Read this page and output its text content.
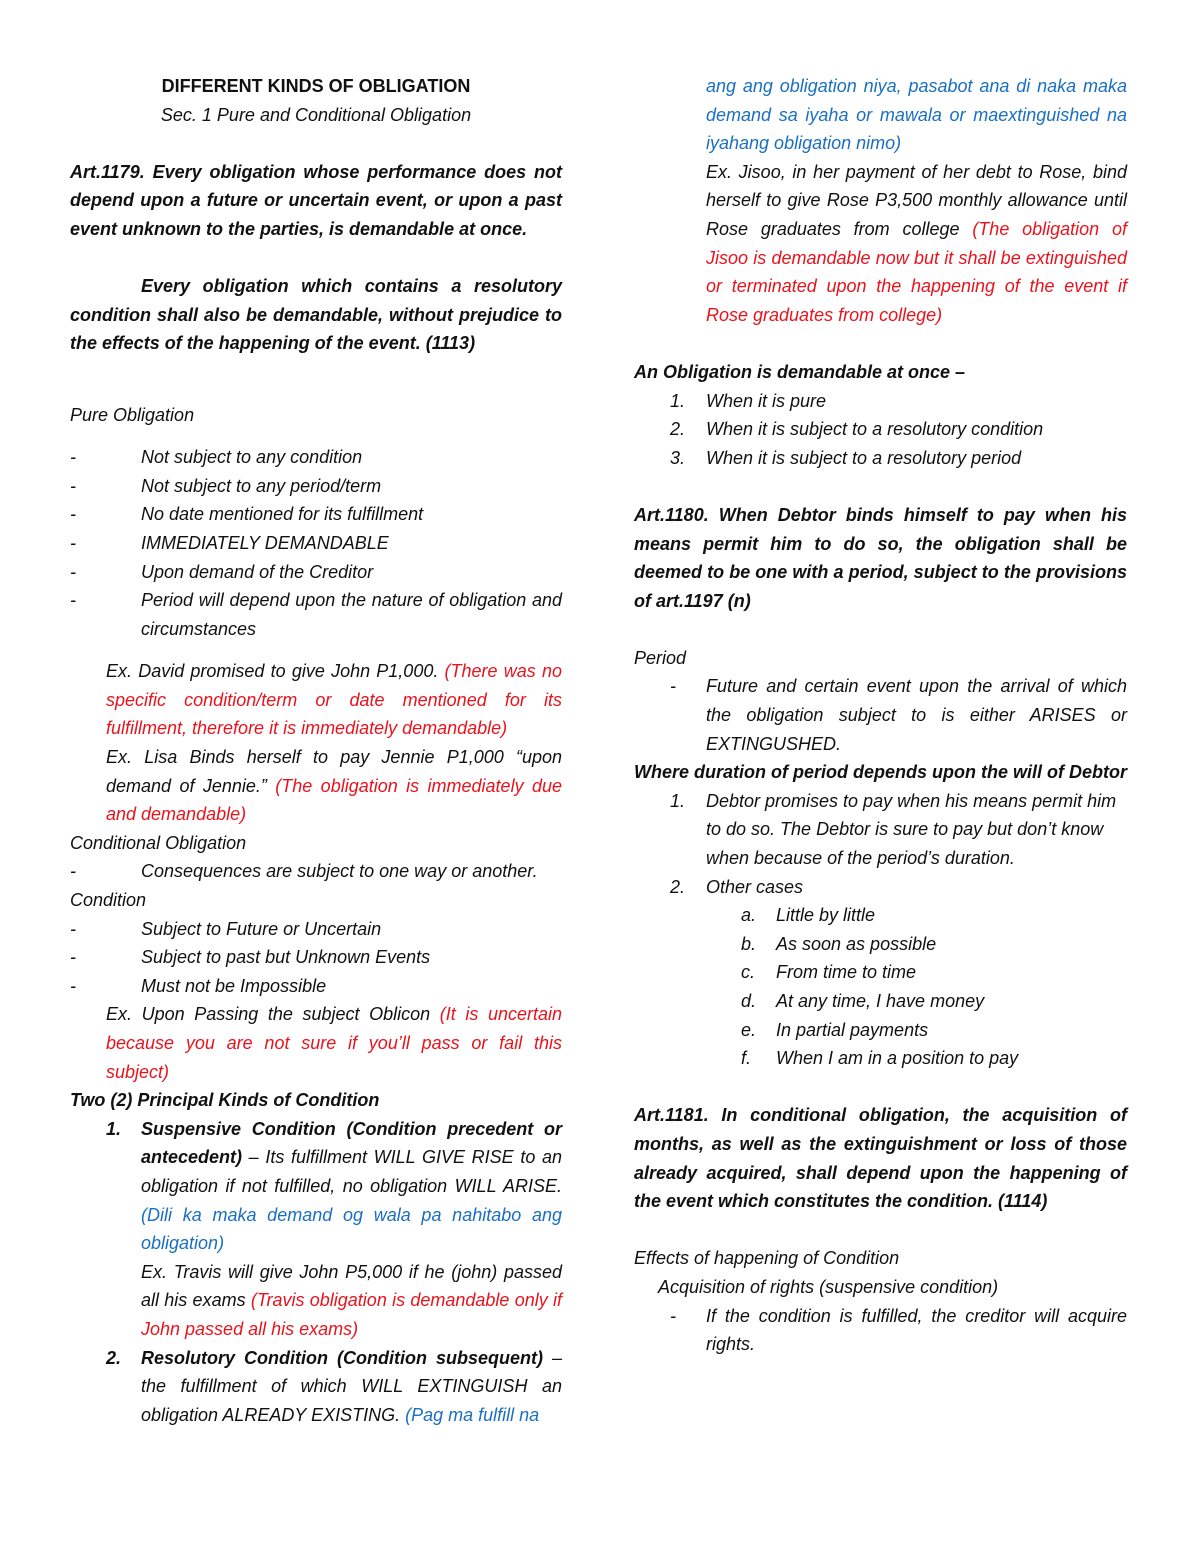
DIFFERENT KINDS OF OBLIGATION

Sec. 1 Pure and Conditional Obligation

Art.1179. Every obligation whose performance does not depend upon a future or uncertain event, or upon a past event unknown to the parties, is demandable at once.

Every obligation which contains a resolutory condition shall also be demandable, without prejudice to the effects of the happening of the event. (1113)

Pure Obligation

-	Not subject to any condition
-	Not subject to any period/term
-	No date mentioned for its fulfillment
-	IMMEDIATELY DEMANDABLE
-	Upon demand of the Creditor
-	Period will depend upon the nature of obligation and circumstances

Ex. David promised to give John P1,000. (There was no specific condition/term or date mentioned for its fulfillment, therefore it is immediately demandable)

Ex. Lisa Binds herself to pay Jennie P1,000 “upon demand of Jennie.” (The obligation is immediately due and demandable)

Conditional Obligation

-	Consequences are subject to one way or another.

Condition

-	Subject to Future or Uncertain
-	Subject to past but Unknown Events
-	Must not be Impossible

Ex. Upon Passing the subject Oblicon (It is uncertain because you are not sure if you’ll pass or fail this subject)

Two (2) Principal Kinds of Condition

1.	Suspensive Condition (Condition precedent or antecedent) – Its fulfillment WILL GIVE RISE to an obligation if not fulfilled, no obligation WILL ARISE. (Dili ka maka demand og wala pa nahitabo ang obligation)
Ex. Travis will give John P5,000 if he (john) passed all his exams (Travis obligation is demandable only if John passed all his exams)
2.	Resolutory Condition (Condition subsequent) – the fulfillment of which WILL EXTINGUISH an obligation ALREADY EXISTING. (Pag ma fulfill na

ang ang obligation niya, pasabot ana di naka maka demand sa iyaha or mawala or maextinguished na iyahang obligation nimo)

Ex. Jisoo, in her payment of her debt to Rose, bind herself to give Rose P3,500 monthly allowance until Rose graduates from college (The obligation of Jisoo is demandable now but it shall be extinguished or terminated upon the happening of the event if Rose graduates from college)

An Obligation is demandable at once –

1.	When it is pure
2.	When it is subject to a resolutory condition
3.	When it is subject to a resolutory period

Art.1180. When Debtor binds himself to pay when his means permit him to do so, the obligation shall be deemed to be one with a period, subject to the provisions of art.1197 (n)

Period

-	Future and certain event upon the arrival of which the obligation subject to is either ARISES or EXTINGUSHED.

Where duration of period depends upon the will of Debtor

1.	Debtor promises to pay when his means permit him to do so. The Debtor is sure to pay but don’t know when because of the period’s duration.
2.	Other cases
a.	Little by little
b.	As soon as possible
c.	From time to time
d.	At any time, I have money
e.	In partial payments
f.	When I am in a position to pay

Art.1181. In conditional obligation, the acquisition of months, as well as the extinguishment or loss of those already acquired, shall depend upon the happening of the event which constitutes the condition. (1114)

Effects of happening of Condition

Acquisition of rights (suspensive condition)

-	If the condition is fulfilled, the creditor will acquire rights.
